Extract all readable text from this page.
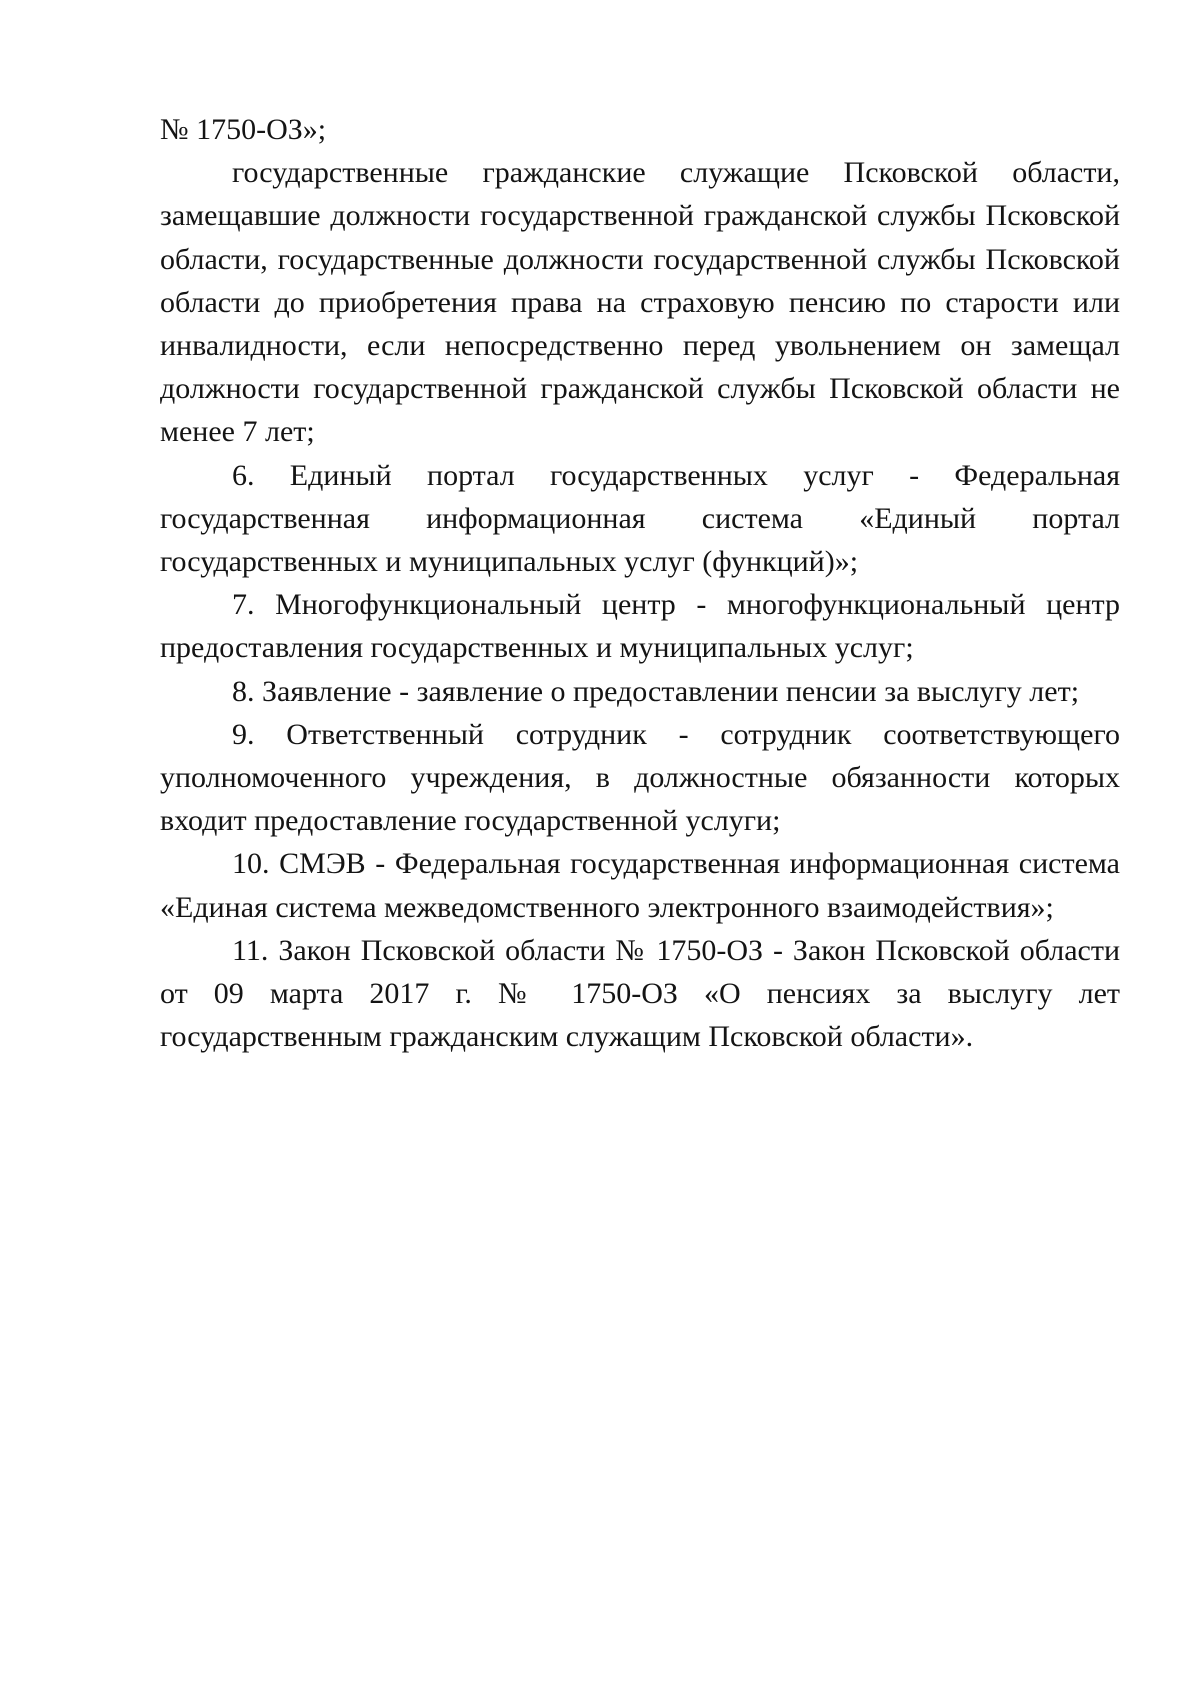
№ 1750-ОЗ»;

государственные гражданские служащие Псковской области, замещавшие должности государственной гражданской службы Псковской области, государственные должности государственной службы Псковской области до приобретения права на страховую пенсию по старости или инвалидности, если непосредственно перед увольнением он замещал должности государственной гражданской службы Псковской области не менее 7 лет;

6. Единый портал государственных услуг - Федеральная государственная информационная система «Единый портал государственных и муниципальных услуг (функций)»;

7. Многофункциональный центр - многофункциональный центр предоставления государственных и муниципальных услуг;

8. Заявление - заявление о предоставлении пенсии за выслугу лет;

9. Ответственный сотрудник - сотрудник соответствующего уполномоченного учреждения, в должностные обязанности которых входит предоставление государственной услуги;

10. СМЭВ - Федеральная государственная информационная система «Единая система межведомственного электронного взаимодействия»;

11. Закон Псковской области № 1750-ОЗ - Закон Псковской области от 09 марта 2017 г. № 1750-ОЗ «О пенсиях за выслугу лет государственным гражданским служащим Псковской области».
